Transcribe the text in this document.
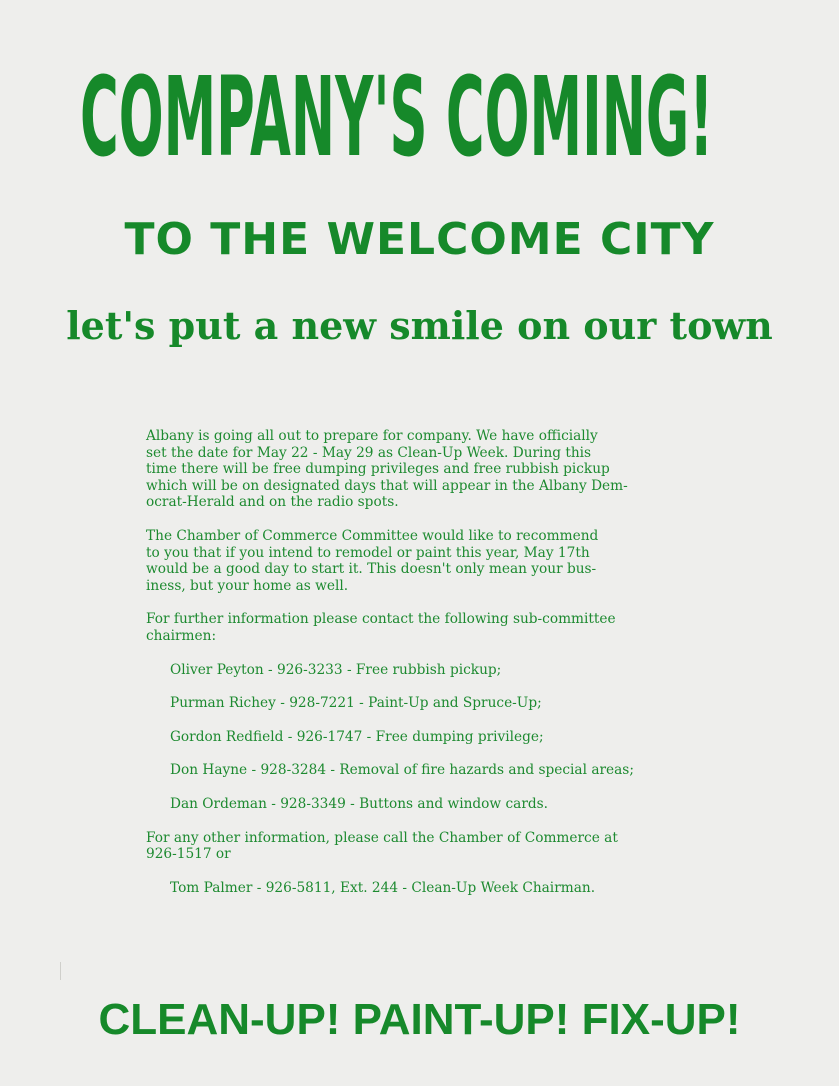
COMPANY'S COMING!
TO THE WELCOME CITY
let's put a new smile on our town

Albany is going all out to prepare for company. We have officially
set the date for May 22 - May 29 as Clean-Up Week. During this
time there will be free dumping privileges and free rubbish pickup
which will be on designated days that will appear in the Albany Dem-
ocrat-Herald and on the radio spots.

The Chamber of Commerce Committee would like to recommend
to you that if you intend to remodel or paint this year, May 17th
would be a good day to start it. This doesn't only mean your bus-
iness, but your home as well.

For further information please contact the following sub-committee
chairmen:

Oliver Peyton - 926-3233 - Free rubbish pickup;

Purman Richey - 928-7221 - Paint-Up and Spruce-Up;

Gordon Redfield - 926-1747 - Free dumping privilege;

Don Hayne - 928-3284 - Removal of fire hazards and special areas;

Dan Ordeman - 928-3349 - Buttons and window cards.

For any other information, please call the Chamber of Commerce at
926-1517 or

Tom Palmer - 926-5811, Ext. 244 - Clean-Up Week Chairman.

CLEAN-UP! PAINT-UP! FIX-UP!
